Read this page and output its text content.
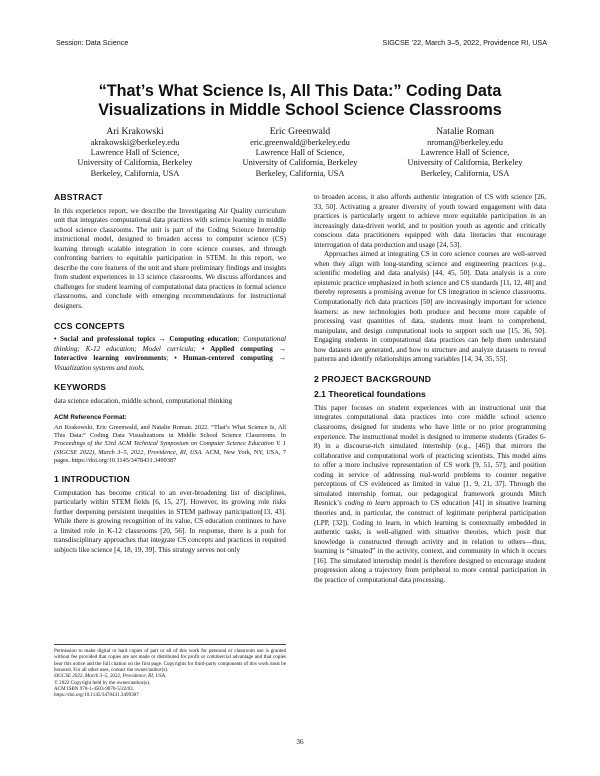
Session: Data Science	SIGCSE ’22, March 3–5, 2022, Providence RI, USA
“That’s What Science Is, All This Data:” Coding Data
Visualizations in Middle School Science Classrooms
Ari Krakowski
akrakowski@berkeley.edu
Lawrence Hall of Science,
University of California, Berkeley
Berkeley, California, USA
Eric Greenwald
eric.greenwald@berkeley.edu
Lawrence Hall of Science,
University of California, Berkeley
Berkeley, California, USA
Natalie Roman
nroman@berkeley.edu
Lawrence Hall of Science,
University of California, Berkeley
Berkeley, California, USA
ABSTRACT

In this experience report, we describe the Investigating Air Quality curriculum unit that integrates computational data practices with science learning in middle school science classrooms. The unit is part of the Coding Science Internship instructional model, designed to broaden access to computer science (CS) learning through scalable integration in core science courses, and through confronting barriers to equitable participation in STEM. In this report, we describe the core features of the unit and share preliminary findings and insights from student experiences in 13 science classrooms. We discuss affordances and challenges for student learning of computational data practices in formal science classrooms, and conclude with emerging recommendations for instructional designers.

CCS CONCEPTS

• Social and professional topics → Computing education; Computational thinking; K-12 education; Model curricula; • Applied computing → Interactive learning environments; • Human-centered computing → Visualization systems and tools.

KEYWORDS

data science education, middle school, computational thinking

ACM Reference Format:

Ari Krakowski, Eric Greenwald, and Natalie Roman. 2022. “That’s What Science Is, All This Data:” Coding Data Visualizations in Middle School Science Classrooms. In Proceedings of the 53rd ACM Technical Symposium on Computer Science Education V. 1 (SIGCSE 2022), March 3–5, 2022, Providence, RI, USA. ACM, New York, NY, USA, 7 pages. https://doi.org/10.1145/3478431.3499387

1 INTRODUCTION

Computation has become critical to an ever-broadening list of disciplines, particularly within STEM fields [6, 15, 27]. However, its growing role risks further deepening persistent inequities in STEM pathway participation[13, 43]. While there is growing recognition of its value, CS education continues to have a limited role in K-12 classrooms [20, 56]. In response, there is a push for transdisciplinary approaches that integrate CS concepts and practices in required subjects like science [4, 18, 19, 39]. This strategy serves not only

Permission to make digital or hard copies of part or all of this work for personal or classroom use is granted without fee provided that copies are not made or distributed for profit or commercial advantage and that copies bear this notice and the full citation on the first page. Copyrights for third-party components of this work must be honored. For all other uses, contact the owner/author(s).
SIGCSE 2022, March 3–5, 2022, Providence, RI, USA.
© 2022 Copyright held by the owner/author(s).
ACM ISBN 978-1-4503-9070-5/22/03.
https://doi.org/10.1145/3478431.3499387

to broaden access, it also affords authentic integration of CS with science [26, 33, 50]. Activating a greater diversity of youth toward engagement with data practices is particularly urgent to achieve more equitable participation in an increasingly data-driven world, and to position youth as agentic and critically conscious data practitioners equipped with data literacies that encourage interrogation of data production and usage [24, 53].

Approaches aimed at integrating CS in core science courses are well-served when they align with long-standing science and engineering practices (e.g., scientific modeling and data analysis) [44, 45, 50]. Data analysis is a core epistemic practice emphasized in both science and CS standards [11, 12, 48] and thereby represents a promising avenue for CS integration in science classrooms. Computationally rich data practices [50] are increasingly important for science learners: as new technologies both produce and become more capable of processing vast quantities of data, students must learn to comprehend, manipulate, and design computational tools to support such use [15, 36, 50]. Engaging students in computational data practices can help them understand how datasets are generated, and how to structure and analyze datasets to reveal patterns and identify relationships among variables [14, 34, 35, 55].

2 PROJECT BACKGROUND
2.1 Theoretical foundations

This paper focuses on student experiences with an instructional unit that integrates computational data practices into core middle school science classrooms, designed for students who have little or no prior programming experience. The instructional model is designed to immerse students (Grades 6-8) in a discourse-rich simulated internship (e.g., [46]) that mirrors the collaborative and computational work of practicing scientists. This model aims to offer a more inclusive representation of CS work [9, 51, 57]; and position coding in service of addressing real-world problems to counter negative perceptions of CS evidenced as limited in value [1, 9, 21, 37]. Through the simulated internship format, our pedagogical framework grounds Mitch Resnick’s coding to learn approach to CS education [41] in situative learning theories and, in particular, the construct of legitimate peripheral participation (LPP, [32]). Coding to learn, in which learning is contextually embedded in authentic tasks, is well-aligned with situative theories, which posit that knowledge is constructed through activity and in relation to others—thus, learning is “situated” in the activity, context, and community in which it occurs [16]. The simulated internship model is therefore designed to encourage student progression along a trajectory from peripheral to more central participation in the practice of computational data processing.

36
